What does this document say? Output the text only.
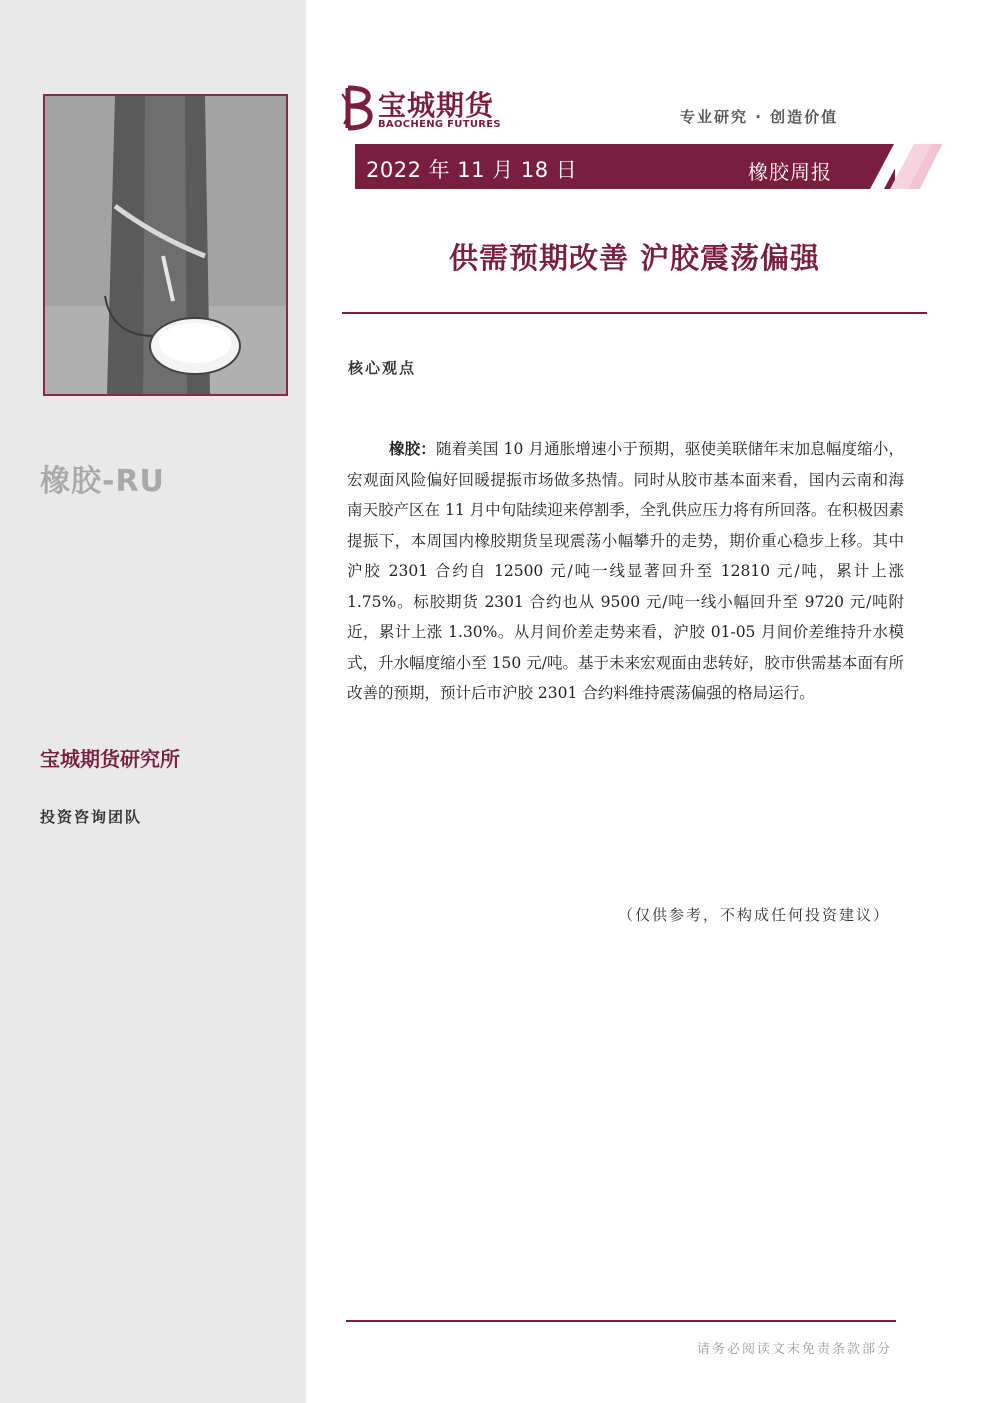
橡胶-RU
宝城期货研究所
投资咨询团队
宝城期货
BAOCHENG FUTURES	专业研究 · 创造价值
2022 年 11 月 18 日	橡胶周报
供需预期改善 沪胶震荡偏强
核心观点

橡胶：随着美国 10 月通胀增速小于预期，驱使美联储年末加息幅度缩小，宏观面风险偏好回暖提振市场做多热情。同时从胶市基本面来看，国内云南和海南天胶产区在 11 月中旬陆续迎来停割季，全乳供应压力将有所回落。在积极因素提振下，本周国内橡胶期货呈现震荡小幅攀升的走势，期价重心稳步上移。其中沪胶 2301 合约自 12500 元/吨一线显著回升至 12810 元/吨，累计上涨 1.75%。标胶期货 2301 合约也从 9500 元/吨一线小幅回升至 9720 元/吨附近，累计上涨 1.30%。从月间价差走势来看，沪胶 01-05 月间价差维持升水模式，升水幅度缩小至 150 元/吨。基于未来宏观面由悲转好，胶市供需基本面有所改善的预期，预计后市沪胶 2301 合约料维持震荡偏强的格局运行。

（仅供参考，不构成任何投资建议）
请务必阅读文末免责条款部分
